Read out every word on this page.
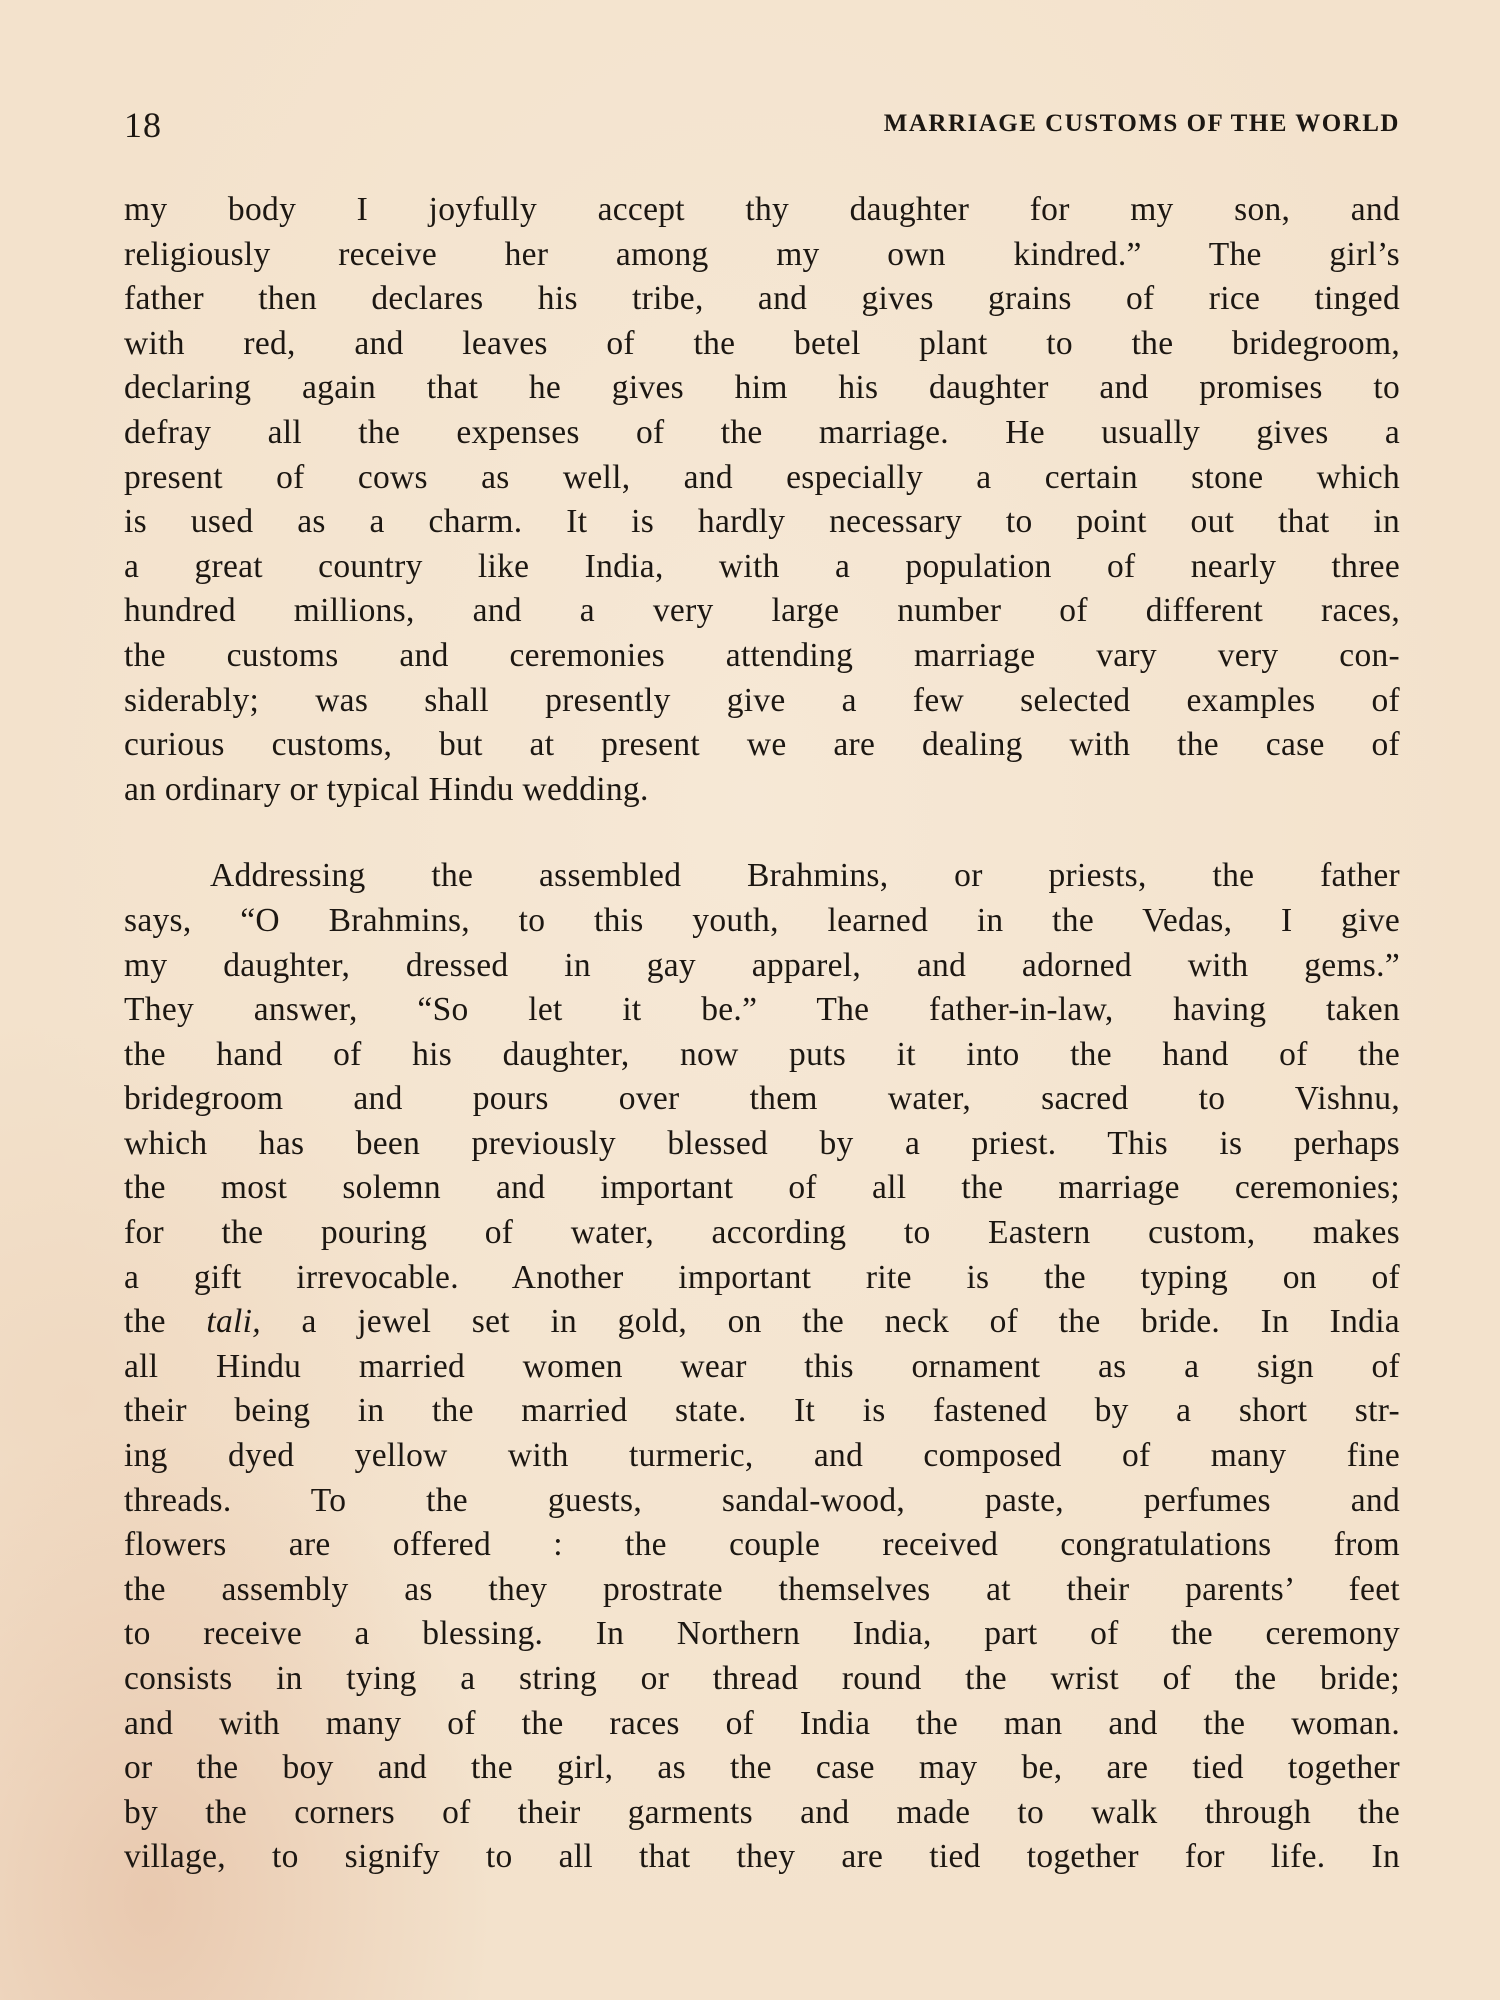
18	MARRIAGE CUSTOMS OF THE WORLD
my body I joyfully accept thy daughter for my son, and
religiously receive her among my own kindred.” The girl’s
father then declares his tribe, and gives grains of rice tinged
with red, and leaves of the betel plant to the bridegroom,
declaring again that he gives him his daughter and promises to
defray all the expenses of the marriage. He usually gives a
present of cows as well, and especially a certain stone which
is used as a charm. It is hardly necessary to point out that in
a great country like India, with a population of nearly three
hundred millions, and a very large number of different races,
the customs and ceremonies attending marriage vary very con-
siderably; was shall presently give a few selected examples of
curious customs, but at present we are dealing with the case of
an ordinary or typical Hindu wedding.
Addressing the assembled Brahmins, or priests, the father
says, “O Brahmins, to this youth, learned in the Vedas, I give
my daughter, dressed in gay apparel, and adorned with gems.”
They answer, “So let it be.” The father-in-law, having taken
the hand of his daughter, now puts it into the hand of the
bridegroom and pours over them water, sacred to Vishnu,
which has been previously blessed by a priest. This is perhaps
the most solemn and important of all the marriage ceremonies;
for the pouring of water, according to Eastern custom, makes
a gift irrevocable. Another important rite is the typing on of
the tali, a jewel set in gold, on the neck of the bride. In India
all Hindu married women wear this ornament as a sign of
their being in the married state. It is fastened by a short str-
ing dyed yellow with turmeric, and composed of many fine
threads. To the guests, sandal-wood, paste, perfumes and
flowers are offered : the couple received congratulations from
the assembly as they prostrate themselves at their parents’ feet
to receive a blessing. In Northern India, part of the ceremony
consists in tying a string or thread round the wrist of the bride;
and with many of the races of India the man and the woman.
or the boy and the girl, as the case may be, are tied together
by the corners of their garments and made to walk through the
village, to signify to all that they are tied together for life. In
